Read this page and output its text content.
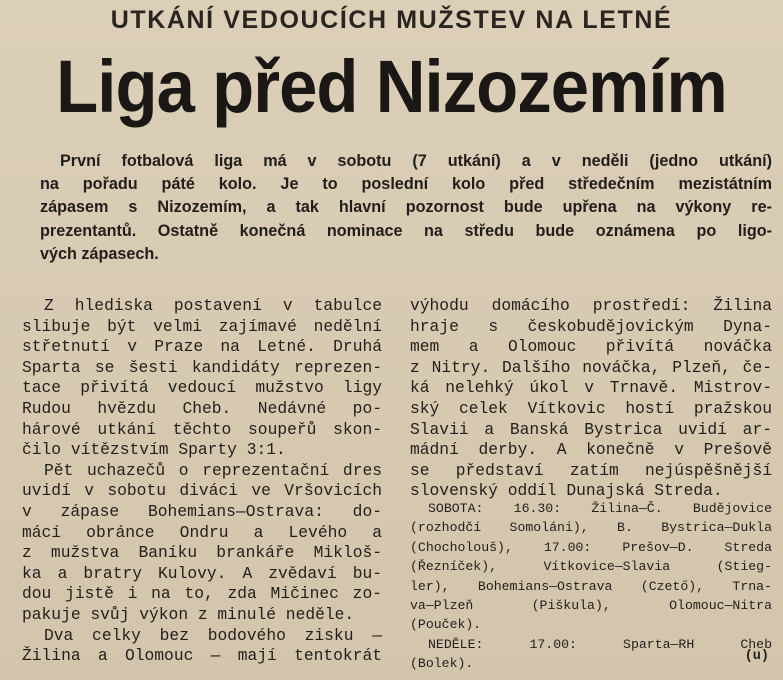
UTKÁNÍ VEDOUCÍCH MUŽSTEV NA LETNÉ
Liga před Nizozemím
První fotbalová liga má v sobotu (7 utkání) a v neděli (jedno utkání)
na pořadu páté kolo. Je to poslední kolo před středečním mezistátním
zápasem s Nizozemím, a tak hlavní pozornost bude upřena na výkony re-
prezentantů. Ostatně konečná nominace na středu bude oznámena po ligo-
vých zápasech.
Z hlediska postavení v tabulce
slibuje být velmi zajímavé nedělní
střetnutí v Praze na Letné. Druhá
Sparta se šesti kandidáty reprezen-
tace přivítá vedoucí mužstvo ligy
Rudou hvězdu Cheb. Nedávné po-
hárové utkání těchto soupeřů skon-
čilo vítězstvím Sparty 3:1.
Pět uchazečů o reprezentační dres
uvidí v sobotu diváci ve Vršovicích
v zápase Bohemians—Ostrava: do-
mácí obránce Ondru a Levého a
z mužstva Baníku brankáře Mikloš-
ka a bratry Kulovy. A zvědaví bu-
dou jistě i na to, zda Mičinec zo-
pakuje svůj výkon z minulé neděle.
Dva celky bez bodového zisku —
Žilina a Olomouc — mají tentokrát
výhodu domácího prostředí: Žilina
hraje s českobudějovickým Dyna-
mem a Olomouc přivítá nováčka
z Nitry. Dalšího nováčka, Plzeň, če-
ká nelehký úkol v Trnavě. Mistrov-
ský celek Vítkovic hostí pražskou
Slavii a Banská Bystrica uvidí ar-
mádní derby. A konečně v Prešově
se představí zatím nejúspěšnější
slovenský oddíl Dunajská Streda.
SOBOTA: 16.30: Žilina—Č. Budějovice
(rozhodčí Somoláni), B. Bystrica—Dukla
(Chocholouš), 17.00: Prešov—D. Streda
(Řezníček), Vítkovice—Slavia (Stieg-
ler), Bohemians—Ostrava (Czető), Trna-
va—Plzeň (Piškula), Olomouc—Nitra
(Pouček).
NEDĚLE: 17.00: Sparta—RH Cheb
(Bolek).	(u)
